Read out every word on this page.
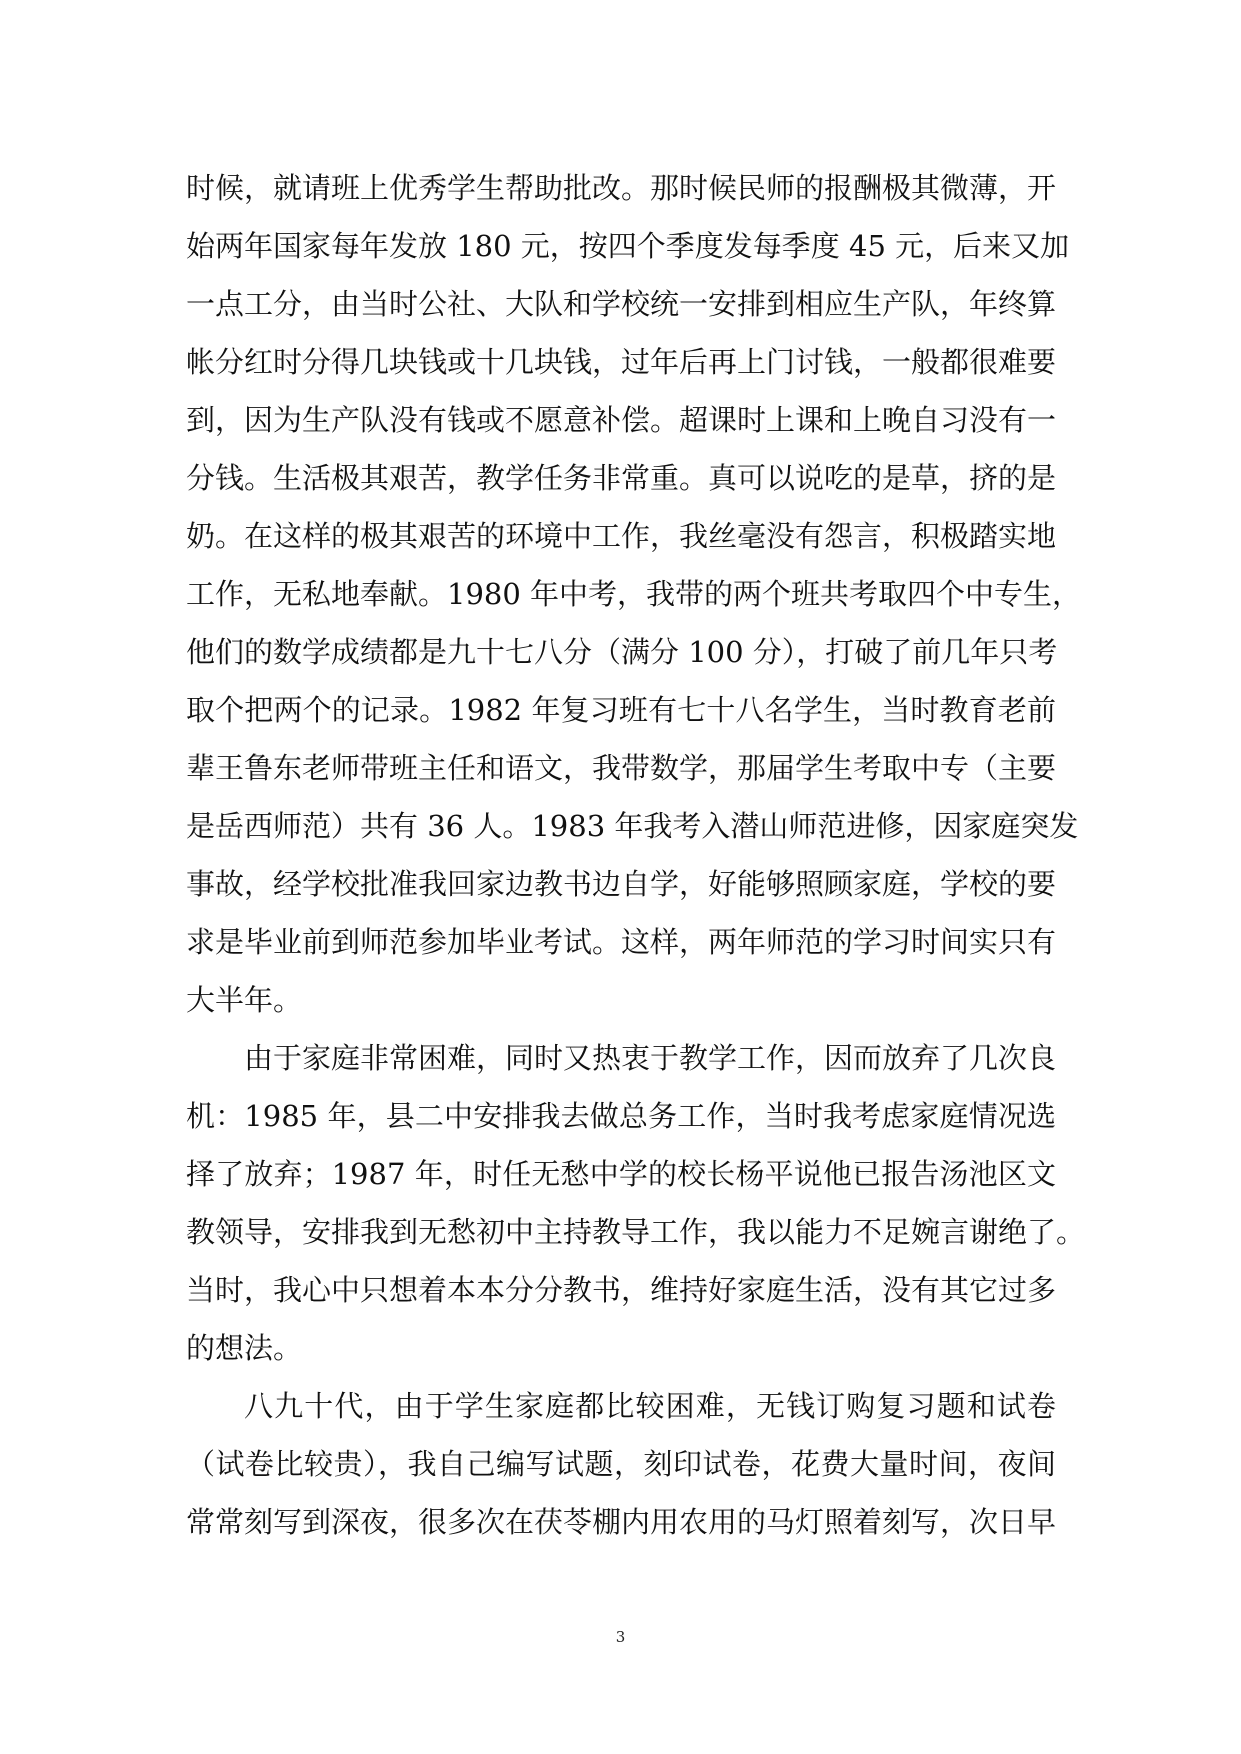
时候，就请班上优秀学生帮助批改。那时候民师的报酬极其微薄，开
始两年国家每年发放 180 元，按四个季度发每季度 45 元，后来又加
一点工分，由当时公社、大队和学校统一安排到相应生产队，年终算
帐分红时分得几块钱或十几块钱，过年后再上门讨钱，一般都很难要
到，因为生产队没有钱或不愿意补偿。超课时上课和上晚自习没有一
分钱。生活极其艰苦，教学任务非常重。真可以说吃的是草，挤的是
奶。在这样的极其艰苦的环境中工作，我丝毫没有怨言，积极踏实地
工作，无私地奉献。1980 年中考，我带的两个班共考取四个中专生，
他们的数学成绩都是九十七八分（满分 100 分），打破了前几年只考
取个把两个的记录。1982 年复习班有七十八名学生，当时教育老前
辈王鲁东老师带班主任和语文，我带数学，那届学生考取中专（主要
是岳西师范）共有 36 人。1983 年我考入潜山师范进修，因家庭突发
事故，经学校批准我回家边教书边自学，好能够照顾家庭，学校的要
求是毕业前到师范参加毕业考试。这样，两年师范的学习时间实只有
大半年。
由于家庭非常困难，同时又热衷于教学工作，因而放弃了几次良
机：1985 年，县二中安排我去做总务工作，当时我考虑家庭情况选
择了放弃；1987 年，时任无愁中学的校长杨平说他已报告汤池区文
教领导，安排我到无愁初中主持教导工作，我以能力不足婉言谢绝了。
当时，我心中只想着本本分分教书，维持好家庭生活，没有其它过多
的想法。
八九十代，由于学生家庭都比较困难，无钱订购复习题和试卷
（试卷比较贵），我自己编写试题，刻印试卷，花费大量时间，夜间
常常刻写到深夜，很多次在茯苓棚内用农用的马灯照着刻写，次日早
3
